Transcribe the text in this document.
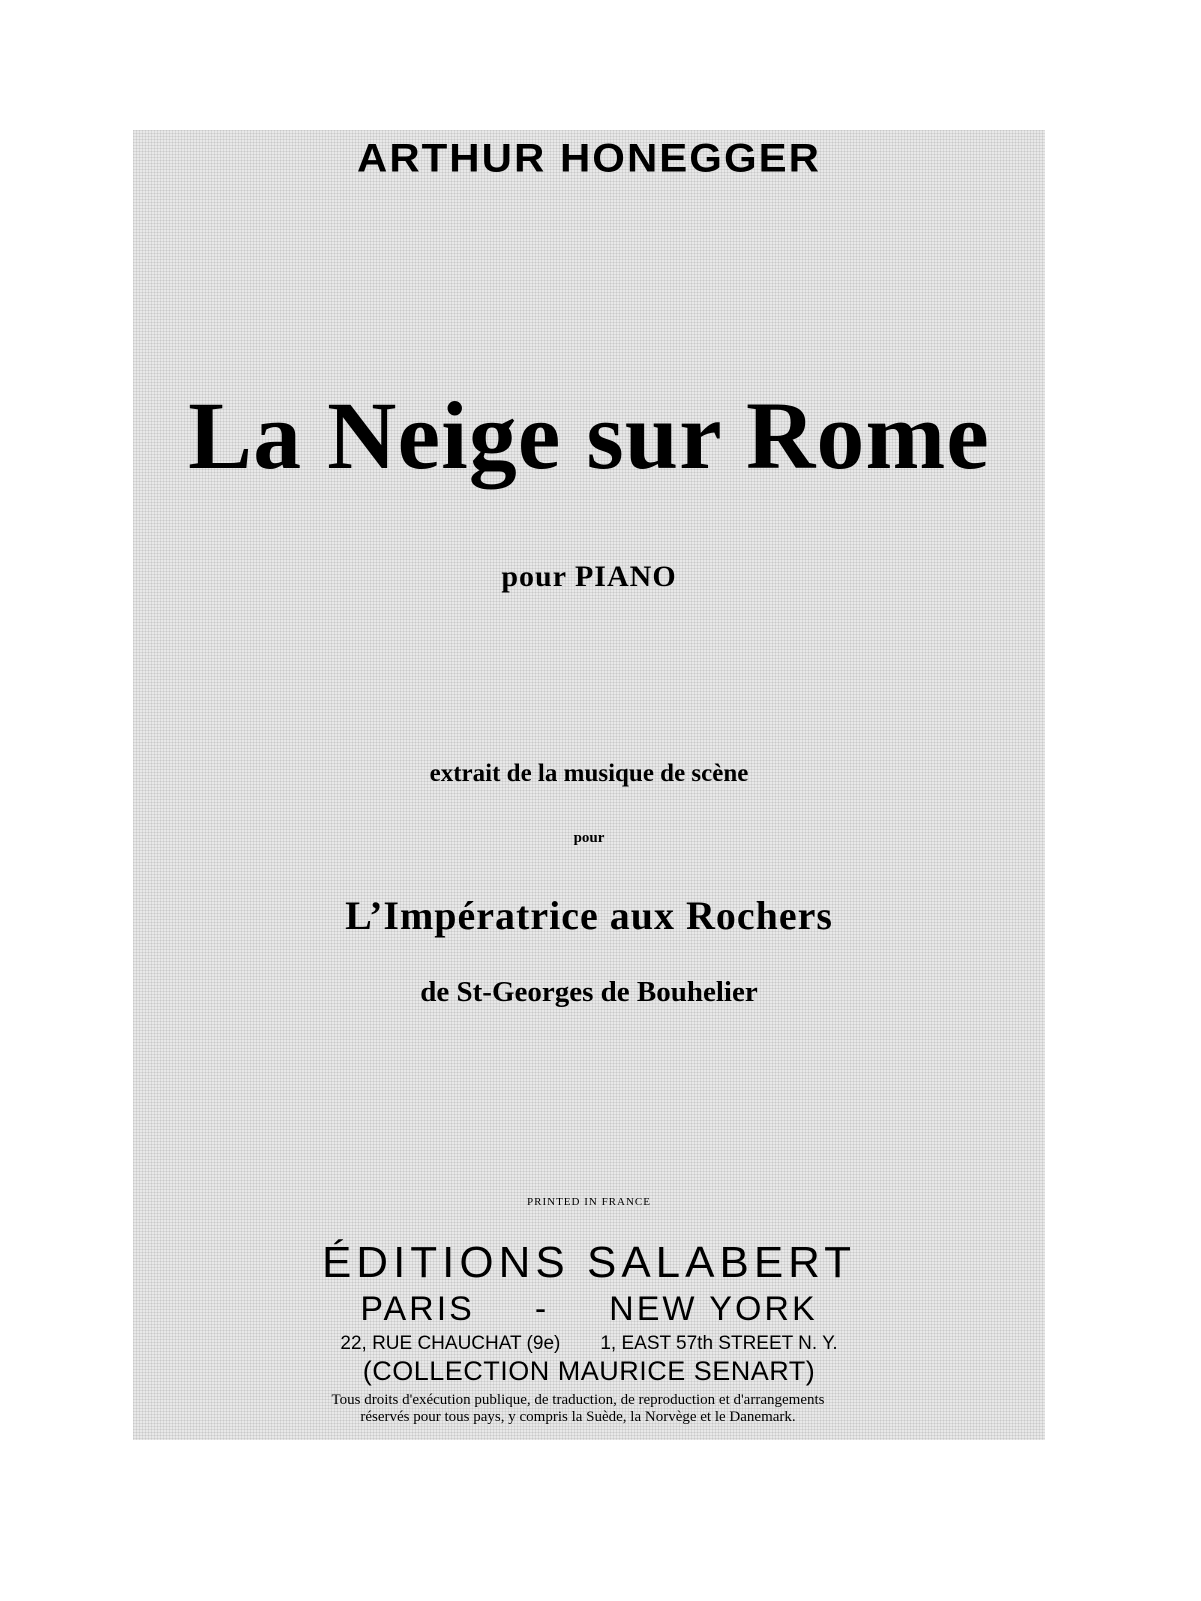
ARTHUR HONEGGER
La Neige sur Rome
pour PIANO
extrait de la musique de scène
pour
L’Impératrice aux Rochers
de St-Georges de Bouhelier
PRINTED IN FRANCE
ÉDITIONS SALABERT
PARIS - NEW YORK
22, RUE CHAUCHAT (9e) 1, EAST 57th STREET N. Y.
(COLLECTION MAURICE SENART)
Tous droits d'exécution publique, de traduction, de reproduction et d'arrangements réservés pour tous pays, y compris la Suède, la Norvège et le Danemark.
